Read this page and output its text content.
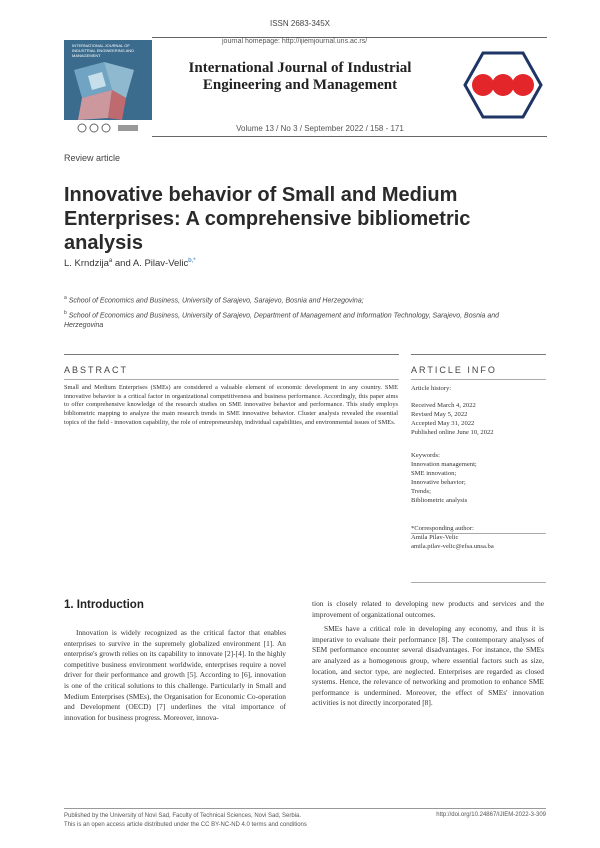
ISSN 2683-345X
journal homepage: http://ijiemjournal.uns.ac.rs/
INTERNATIONAL JOURNAL OF INDUSTRIAL ENGINEERING AND MANAGEMENT
International Journal of Industrial Engineering and Management
Volume 13 / No 3 / September 2022 / 158 - 171
Review article
Innovative behavior of Small and Medium Enterprises: A comprehensive bibliometric analysis
L. Krndzija$^a$ and A. Pilav-Velic$^{b,*}$
$^a$ School of Economics and Business, University of Sarajevo, Sarajevo, Bosnia and Herzegovina;
$^b$ School of Economics and Business, University of Sarajevo, Department of Management and Information Technology, Sarajevo, Bosnia and Herzegovina
ABSTRACT	ARTICLE INFO
Small and Medium Enterprises (SMEs) are considered a valuable element of economic development in any country. SME innovative behavior is a critical factor in organizational competitiveness and business performance. Accordingly, this paper aims to offer comprehensive knowledge of the research studies on SME innovative behavior and performance. This study employs bibliometric mapping to analyze the main research trends in SME innovative behavior. Cluster analysis revealed the essential topics of the field - innovation capability, the role of entrepreneurship, individual capabilities, and environmental issues of SMEs.
Article history:
Received March 4, 2022
Revised May 5, 2022
Accepted May 31, 2022
Published online June 10, 2022
Keywords:
Innovation management;
SME innovation;
Innovative behavior;
Trends;
Bibliometric analysis
*Corresponding author:
Amila Pilav-Velic
amila.pilav-velic@efsa.unsa.ba
1. Introduction

Innovation is widely recognized as the critical factor that enables enterprises to survive in the supremely globalized environment [1]. An enterprise's growth relies on its capability to innovate [2]-[4]. In the highly competitive business environment worldwide, enterprises require a novel driver for their performance and growth [5]. According to [6], innovation is one of the critical solutions to this challenge. Particularly in Small and Medium Enterprises (SMEs), the Organisation for Economic Co-operation and Development (OECD) [7] underlines the vital importance of innovation for business progress. Moreover, innova-

tion is closely related to developing new products and services and the improvement of organizational outcomes.

SMEs have a critical role in developing any economy, and thus it is imperative to evaluate their performance [8]. The contemporary analyses of SEM performance encounter several disadvantages. For instance, the SMEs are analyzed as a homogenous group, where essential factors such as size, location, and sector type, are neglected. Enterprises are regarded as closed systems. Hence, the relevance of networking and promotion to enhance SME performance is undermined. Moreover, the effect of SMEs' innovation activities is not directly incorporated [8].

Published by the University of Novi Sad, Faculty of Technical Sciences, Novi Sad, Serbia.
This is an open access article distributed under the CC BY-NC-ND 4.0 terms and conditions
http://doi.org/10.24867/IJIEM-2022-3-309
